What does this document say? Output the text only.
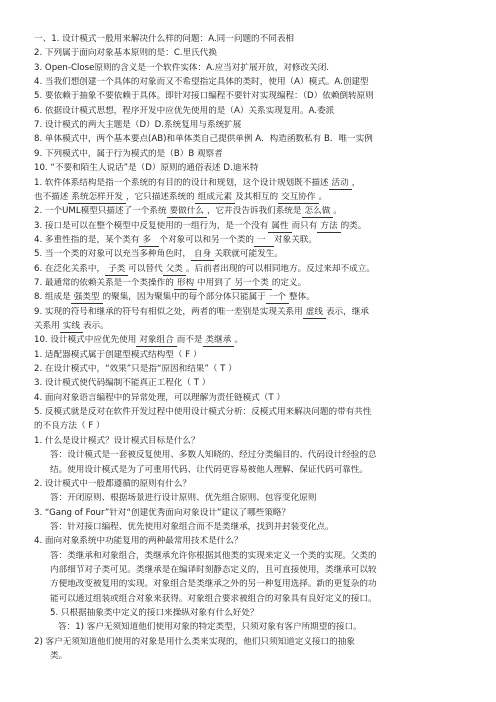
一、1. 设计模式一般用来解决什么样的问题：A.同一问题的不同表相
2. 下列属于面向对象基本原则的是：C.里氏代换
3. Open-Close原则的含义是一个软件实体：A.应当对扩展开放，对修改关闭.
4. 当我们想创建一个具体的对象而又不希望指定具体的类时，使用（A）模式。A.创建型
5. 要依赖于抽象不要依赖于具体。即针对接口编程不要针对实现编程：（D）依赖倒转原则
6. 依据设计模式思想，程序开发中应优先使用的是（A）关系实现复用。A.委派
7. 设计模式的两大主题是（D）D.系统复用与系统扩展
8. 单体模式中，两个基本要点(AB)和单体类自己提供单例 A．构造函数私有 B．唯一实例
9. 下列模式中，属于行为模式的是（B）B 观察者
10. “不要和陌生人说话”是（D）原则的通俗表述 D.迪米特
1. 软件体系结构是指一个系统的有目的的设计和规划，这个设计规划既不描述 活动 ，
也不描述 系统怎样开发 ，它只描述系统的 组成元素 及其相互的 交互协作 。
2. 一个UML模型只描述了一个系统 要做什么 ，它并没告诉我们系统是 怎么做 。
3. 接口是可以在整个模型中反复使用的一组行为，是一个没有 属性 而只有 方法 的类。
4. 多重性指的是，某个类有 多 个对象可以和另一个类的 一 对象关联。
5. 当一个类的对象可以充当多种角色时， 自身 关联就可能发生。
6. 在泛化关系中， 子类 可以替代 父类 。后前者出现的可以相同地方。反过来却不成立。
7. 最通常的依赖关系是一个类操作的 形构 中用到了 另一个类 的定义。
8. 组成是 强类型 的聚集，因为聚集中的每个部分体只能属于 一个 整体。
9. 实现的符号和继承的符号有相似之处，两者的唯一差别是实现关系用 虚线 表示，继承
关系用 实线 表示。
10. 设计模式中应优先使用 对象组合 而不是 类继承 。
1. 适配器模式属于创建型模式结构型（ F ）
2. 在设计模式中，“效果”只是指“原因和结果”（ T ）
3. 设计模式使代码编制不能真正工程化（ T ）
4. 面向对象语言编程中的异常处理，可以理解为责任链模式（T ）
5. 反模式就是反对在软件开发过程中使用设计模式分析：反模式用来解决问题的带有共性
的不良方法（ F ）
1. 什么是设计模式？设计模式目标是什么？
答：设计模式是一套被反复使用、多数人知晓的、经过分类编目的、代码设计经验的总
结。使用设计模式是为了可重用代码、让代码更容易被他人理解、保证代码可靠性。
2. 设计模式中一般都遵循的原则有什么？
答：开闭原则、根据场景进行设计原则、优先组合原则、包容变化原则
3. “Gang of Four”针对“创建优秀面向对象设计”建议了哪些策略？
答：针对接口编程、优先使用对象组合而不是类继承，找到并封装变化点。
4. 面向对象系统中功能复用的两种最常用技术是什么？
答：类继承和对象组合，类继承允许你根据其他类的实现来定义一个类的实现。父类的
内部细节对子类可见。类继承是在编译时刻静态定义的，且可直接使用，类继承可以较
方便地改变被复用的实现。对象组合是类继承之外的另一种复用选择。新的更复杂的功
能可以通过组装或组合对象来获得。对象组合要求被组合的对象具有良好定义的接口。
5. 只根据抽象类中定义的接口来操纵对象有什么好处？
答：1) 客户无须知道他们使用对象的特定类型，只须对象有客户所期望的接口。
2) 客户无须知道他们使用的对象是用什么类来实现的，他们只须知道定义接口的抽象
类。
